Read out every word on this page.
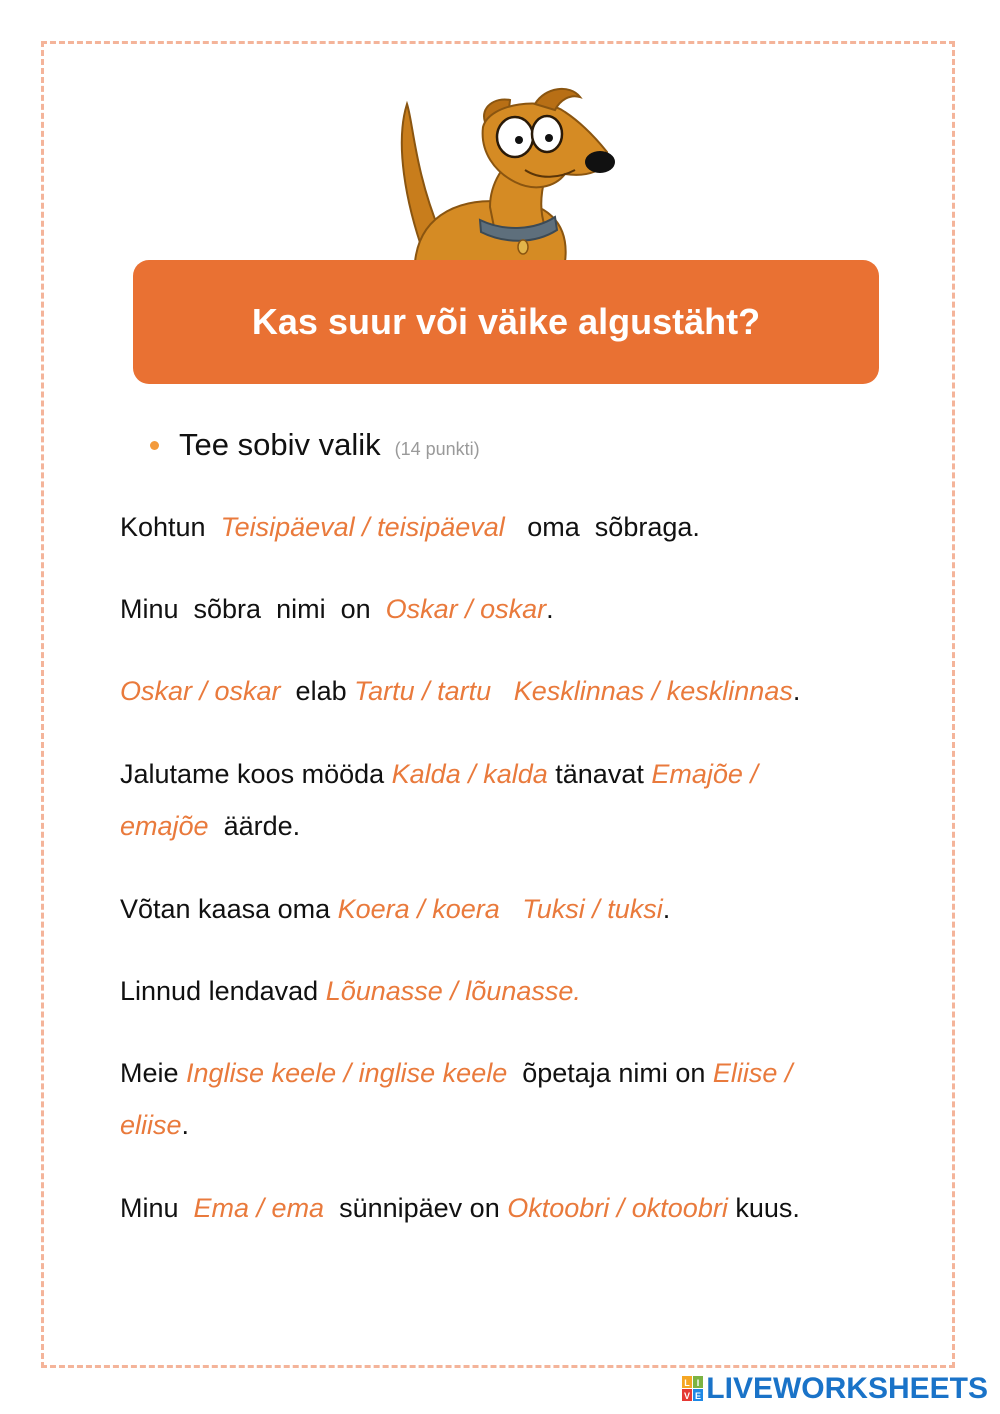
Kas suur või väike algustäht?
Tee sobiv valik (14 punkti)
Kohtun  Teisipäeval / teisipäeval   oma  sõbraga.
Minu  sõbra  nimi  on  Oskar / oskar.
Oskar / oskar  elab Tartu / tartu Kesklinnas / kesklinnas.
Jalutame koos mööda Kalda / kalda tänavat Emajõe /
emajõe  äärde.
Võtan kaasa oma Koera / koera Tuksi / tuksi.
Linnud lendavad Lõunasse / lõunasse.
Meie Inglise keele / inglise keele  õpetaja nimi on Eliise /
eliise.
Minu  Ema / ema  sünnipäev on Oktoobri / oktoobri kuus.
L I
V E LIVEWORKSHEETS
